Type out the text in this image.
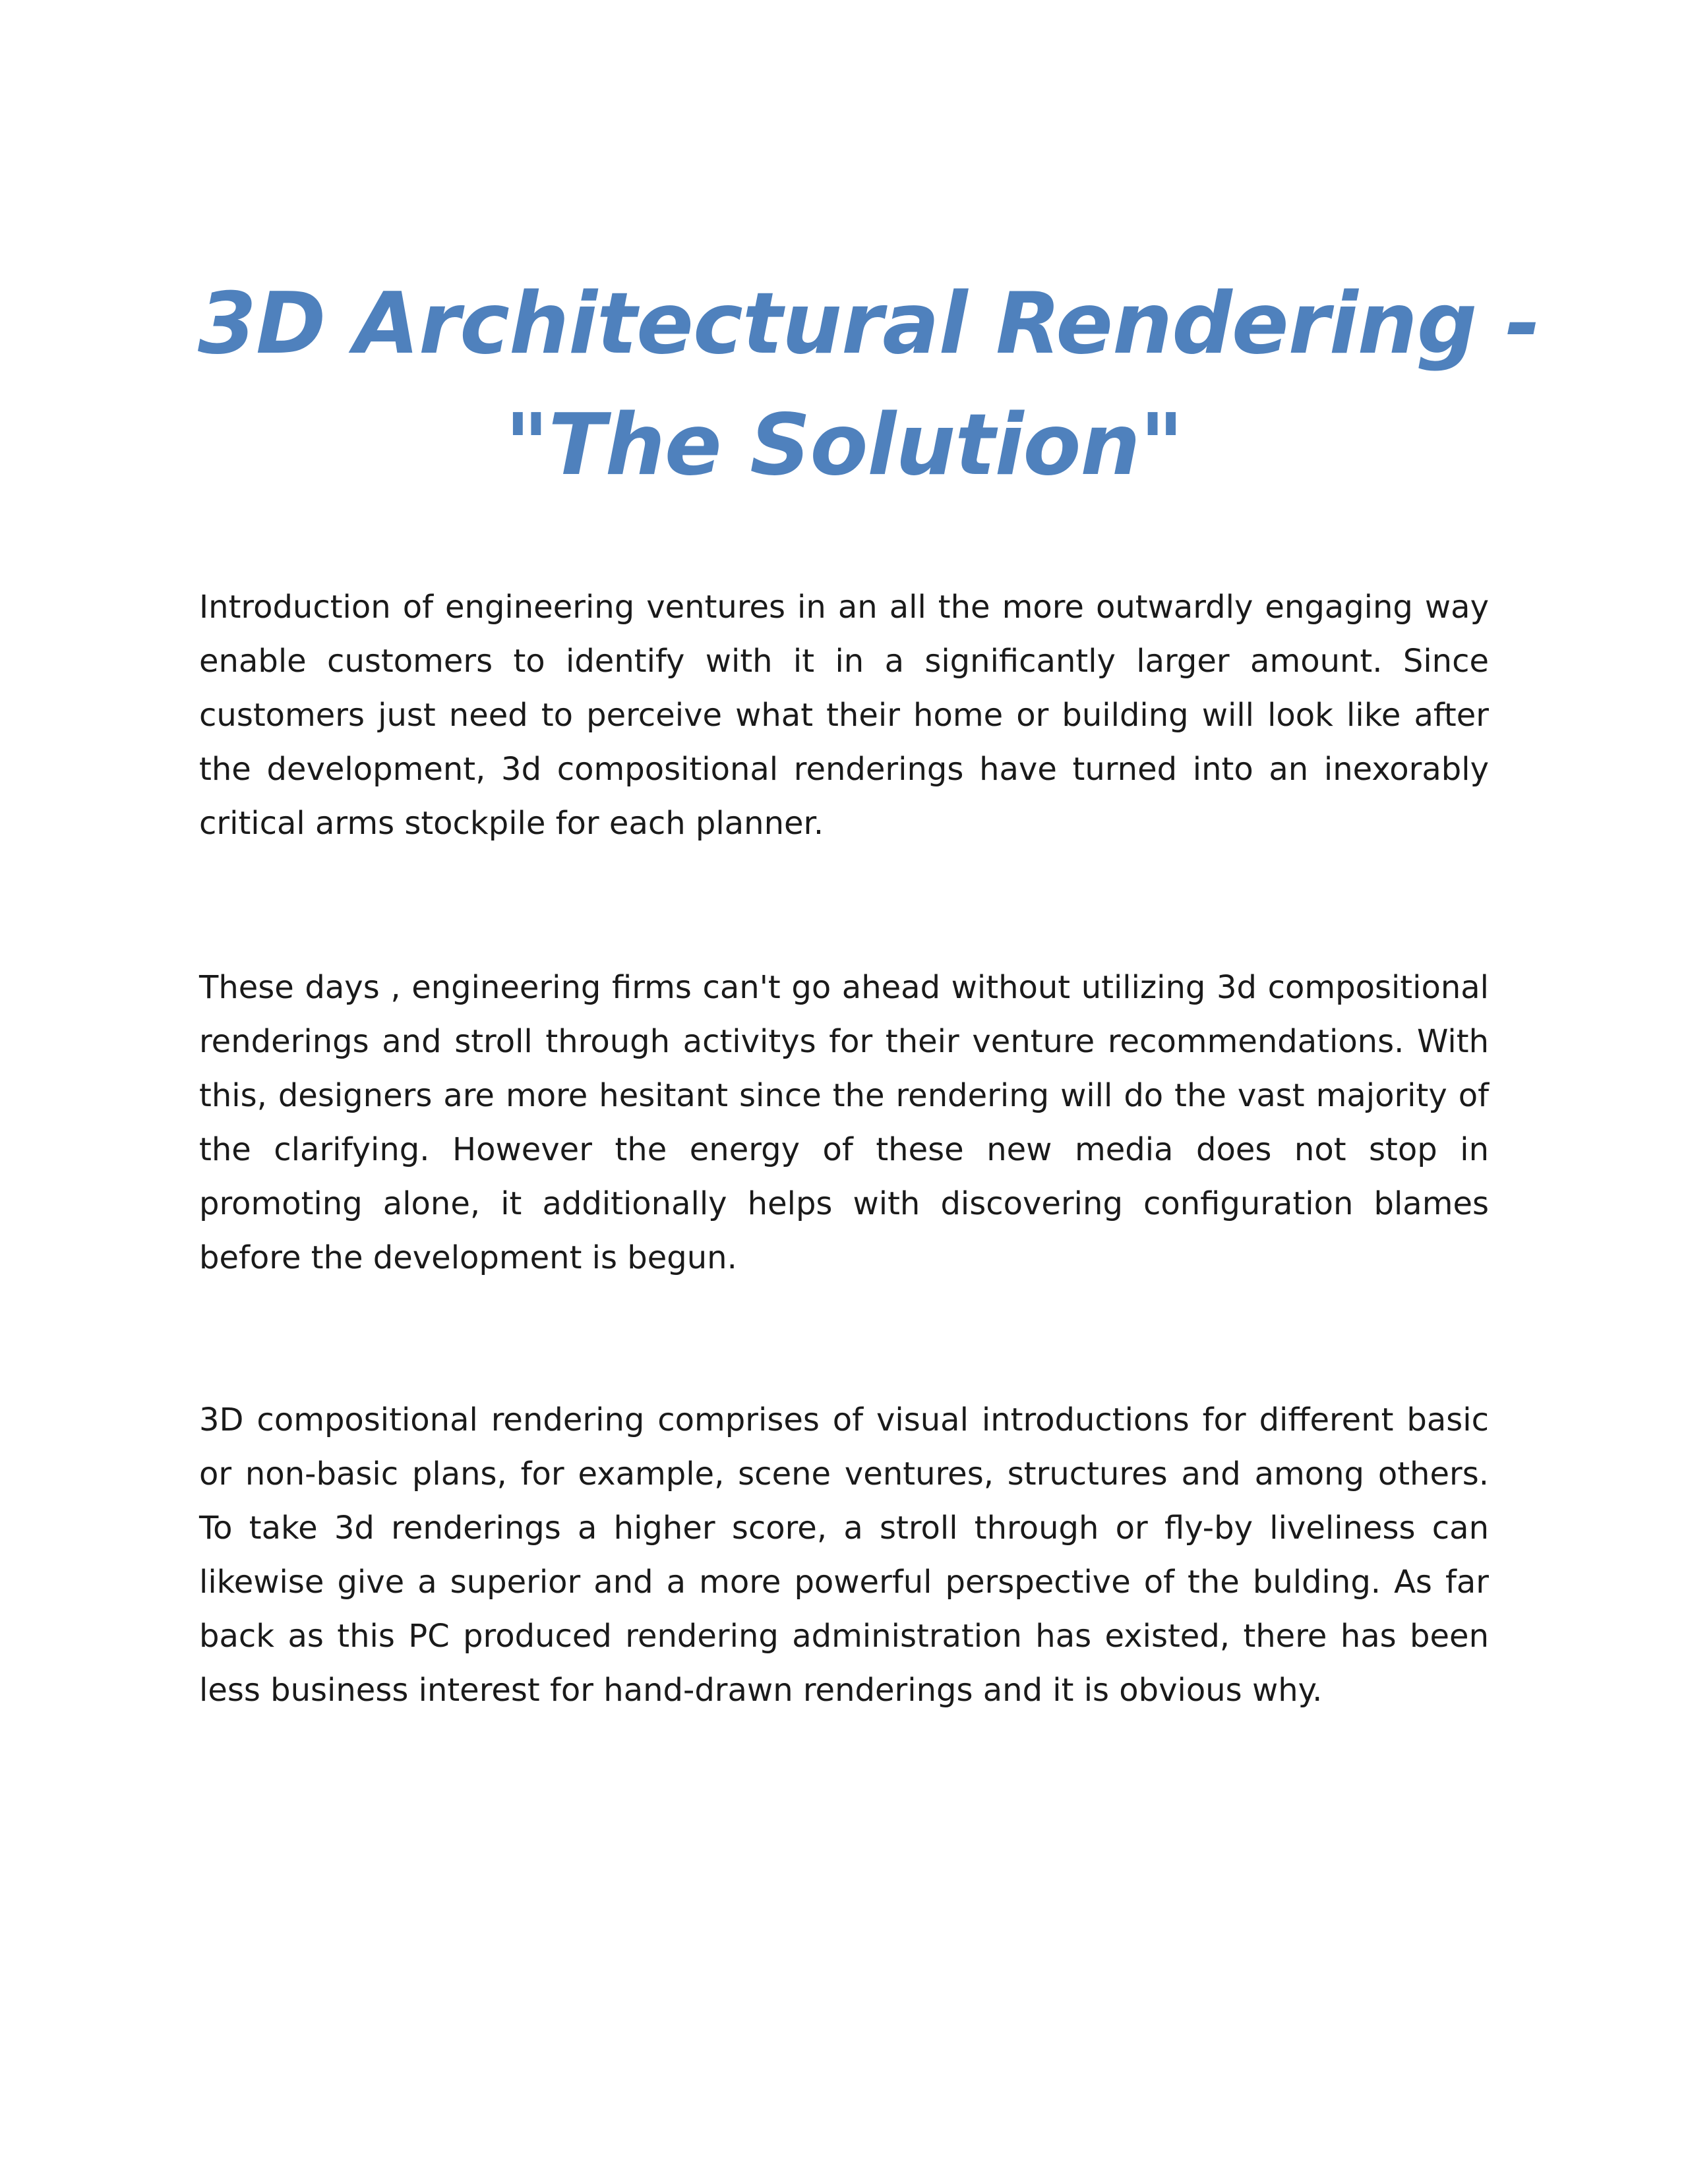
3D Architectural Rendering -
"The Solution"

Introduction of engineering ventures in an all the more outwardly engaging way enable customers to identify with it in a significantly larger amount. Since customers just need to perceive what their home or building will look like after the development, 3d compositional renderings have turned into an inexorably critical arms stockpile for each planner.

These days , engineering firms can't go ahead without utilizing 3d compositional renderings and stroll through activitys for their venture recommendations. With this, designers are more hesitant since the rendering will do the vast majority of the clarifying. However the energy of these new media does not stop in promoting alone, it additionally helps with discovering configuration blames before the development is begun.

3D compositional rendering comprises of visual introductions for different basic or non-basic plans, for example, scene ventures, structures and among others. To take 3d renderings a higher score, a stroll through or fly-by liveliness can likewise give a superior and a more powerful perspective of the bulding. As far back as this PC produced rendering administration has existed, there has been less business interest for hand-drawn renderings and it is obvious why.
